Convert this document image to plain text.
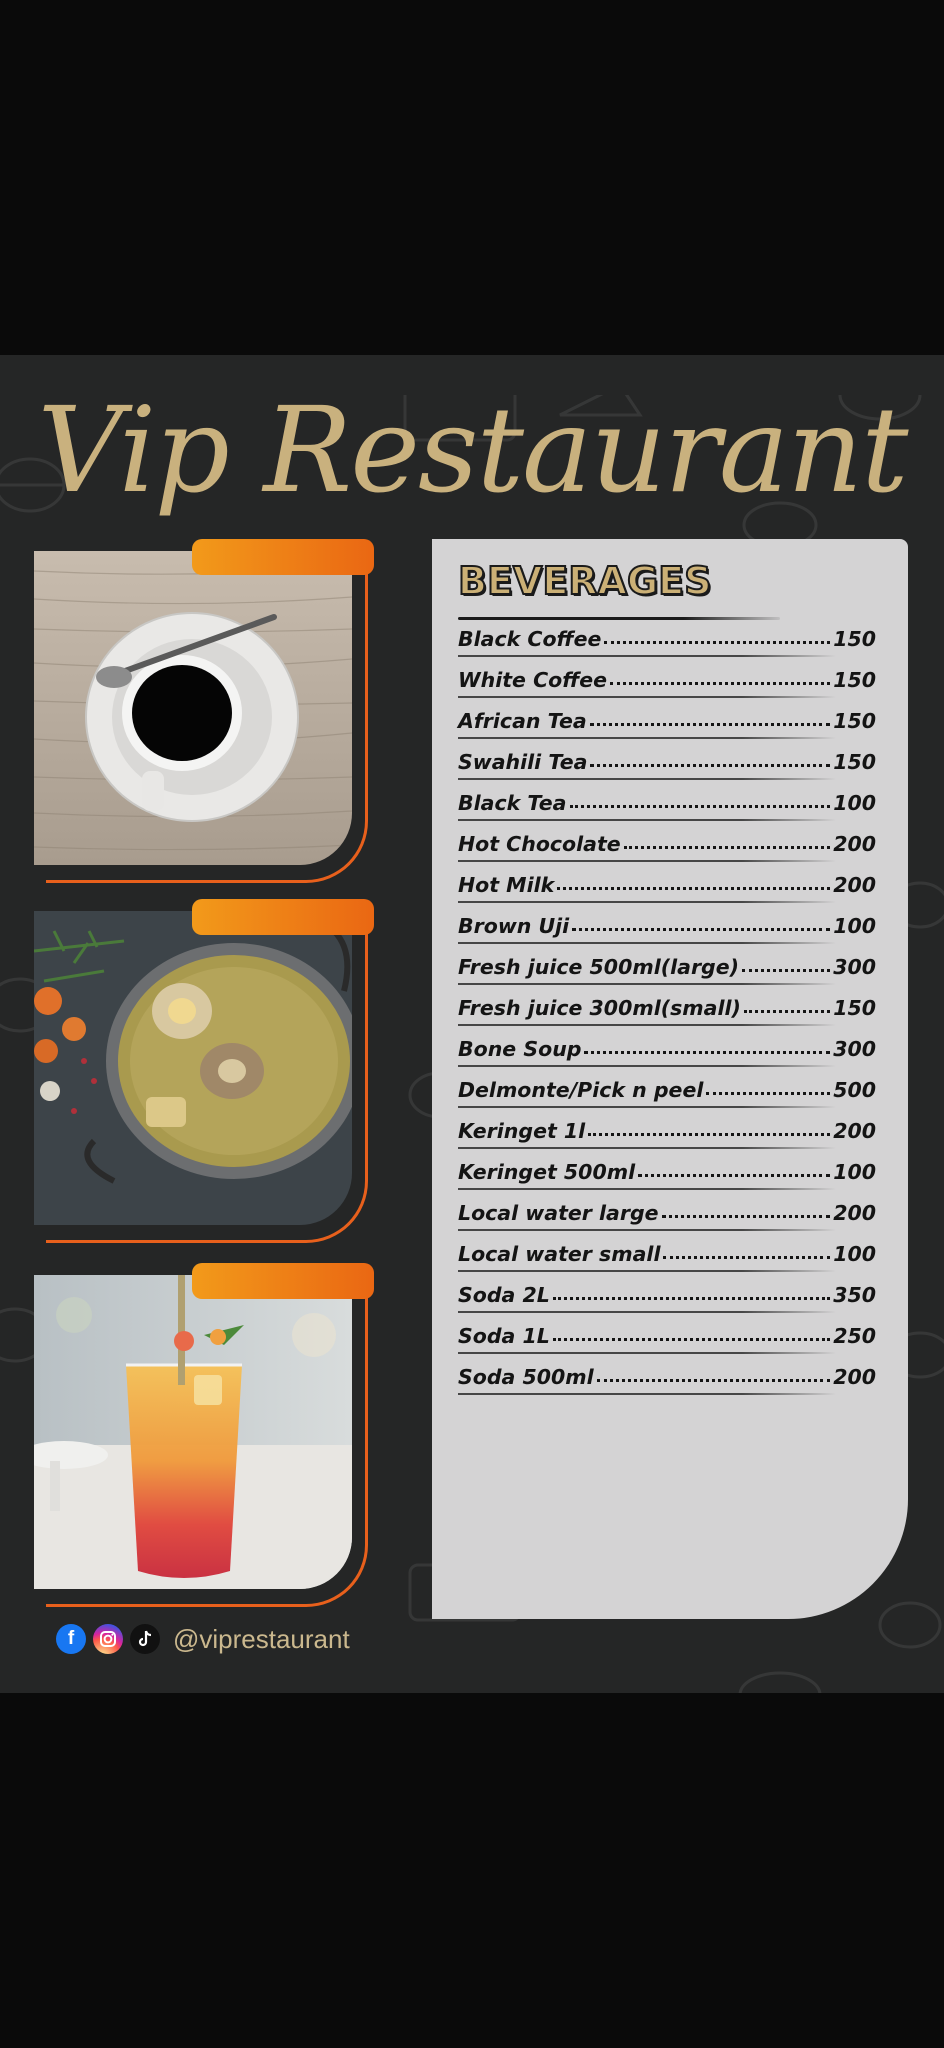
Vip Restaurant
BEVERAGES
Black Coffee	150
White Coffee	150
African Tea	150
Swahili Tea	150
Black Tea	100
Hot Chocolate	200
Hot Milk	200
Brown Uji	100
Fresh juice 500ml(large)	300
Fresh juice 300ml(small)	150
Bone Soup	300
Delmonte/Pick n peel	500
Keringet 1l	200
Keringet 500ml	100
Local water large	200
Local water small	100
Soda 2L	350
Soda 1L	250
Soda 500ml	200
f	@viprestaurant
